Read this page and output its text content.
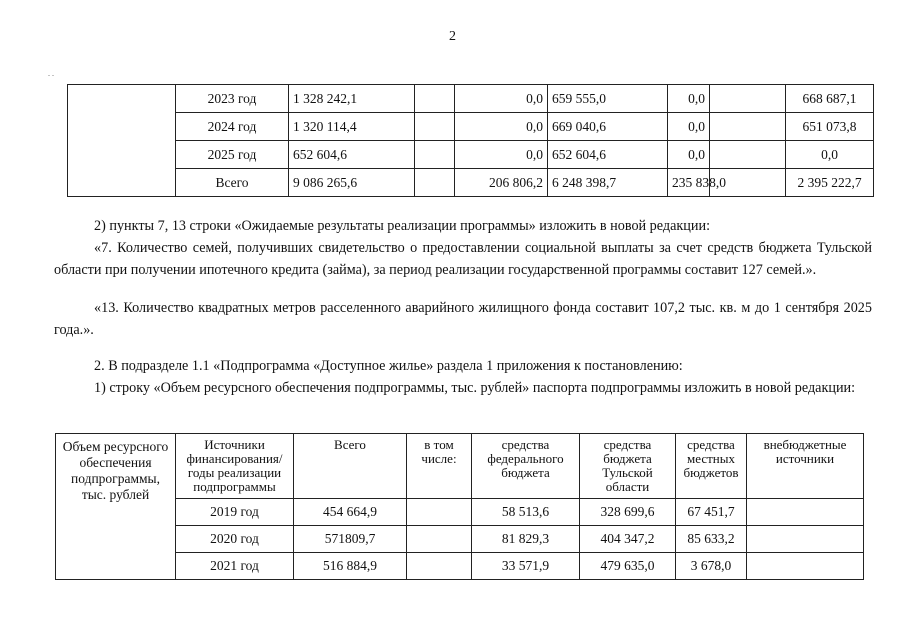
2
. .
	2023 год	1 328 242,1		0,0	659 555,0	0,0		668 687,1
	2024 год	1 320 114,4		0,0	669 040,6	0,0		651 073,8
	2025 год	652 604,6		0,0	652 604,6	0,0		0,0
	Всего	9 086 265,6		206 806,2	6 248 398,7	235 838,0		2 395 222,7
2) пункты 7, 13 строки «Ожидаемые результаты реализации программы» изложить в новой редакции:
«7. Количество семей, получивших свидетельство о предоставлении социальной выплаты за счет средств бюджета Тульской области при получении ипотечного кредита (займа), за период реализации государственной программы составит 127 семей.».
«13. Количество квадратных метров расселенного аварийного жилищного фонда составит 107,2 тыс. кв. м до 1 сентября 2025 года.».
2. В подразделе 1.1 «Подпрограмма «Доступное жилье» раздела 1 приложения к постановлению:
1) строку «Объем ресурсного обеспечения подпрограммы, тыс. рублей» паспорта подпрограммы изложить в новой редакции:
Объем ресурсного обеспечения подпрограммы, тыс. рублей	Источники финансирования/ годы реализации подпрограммы	Всего	в том числе:	средства федерального бюджета	средства бюджета Тульской области	средства местных бюджетов	внебюджетные источники
	2019 год	454 664,9		58 513,6	328 699,6	67 451,7	
	2020 год	571809,7		81 829,3	404 347,2	85 633,2	
	2021 год	516 884,9		33 571,9	479 635,0	3 678,0	
